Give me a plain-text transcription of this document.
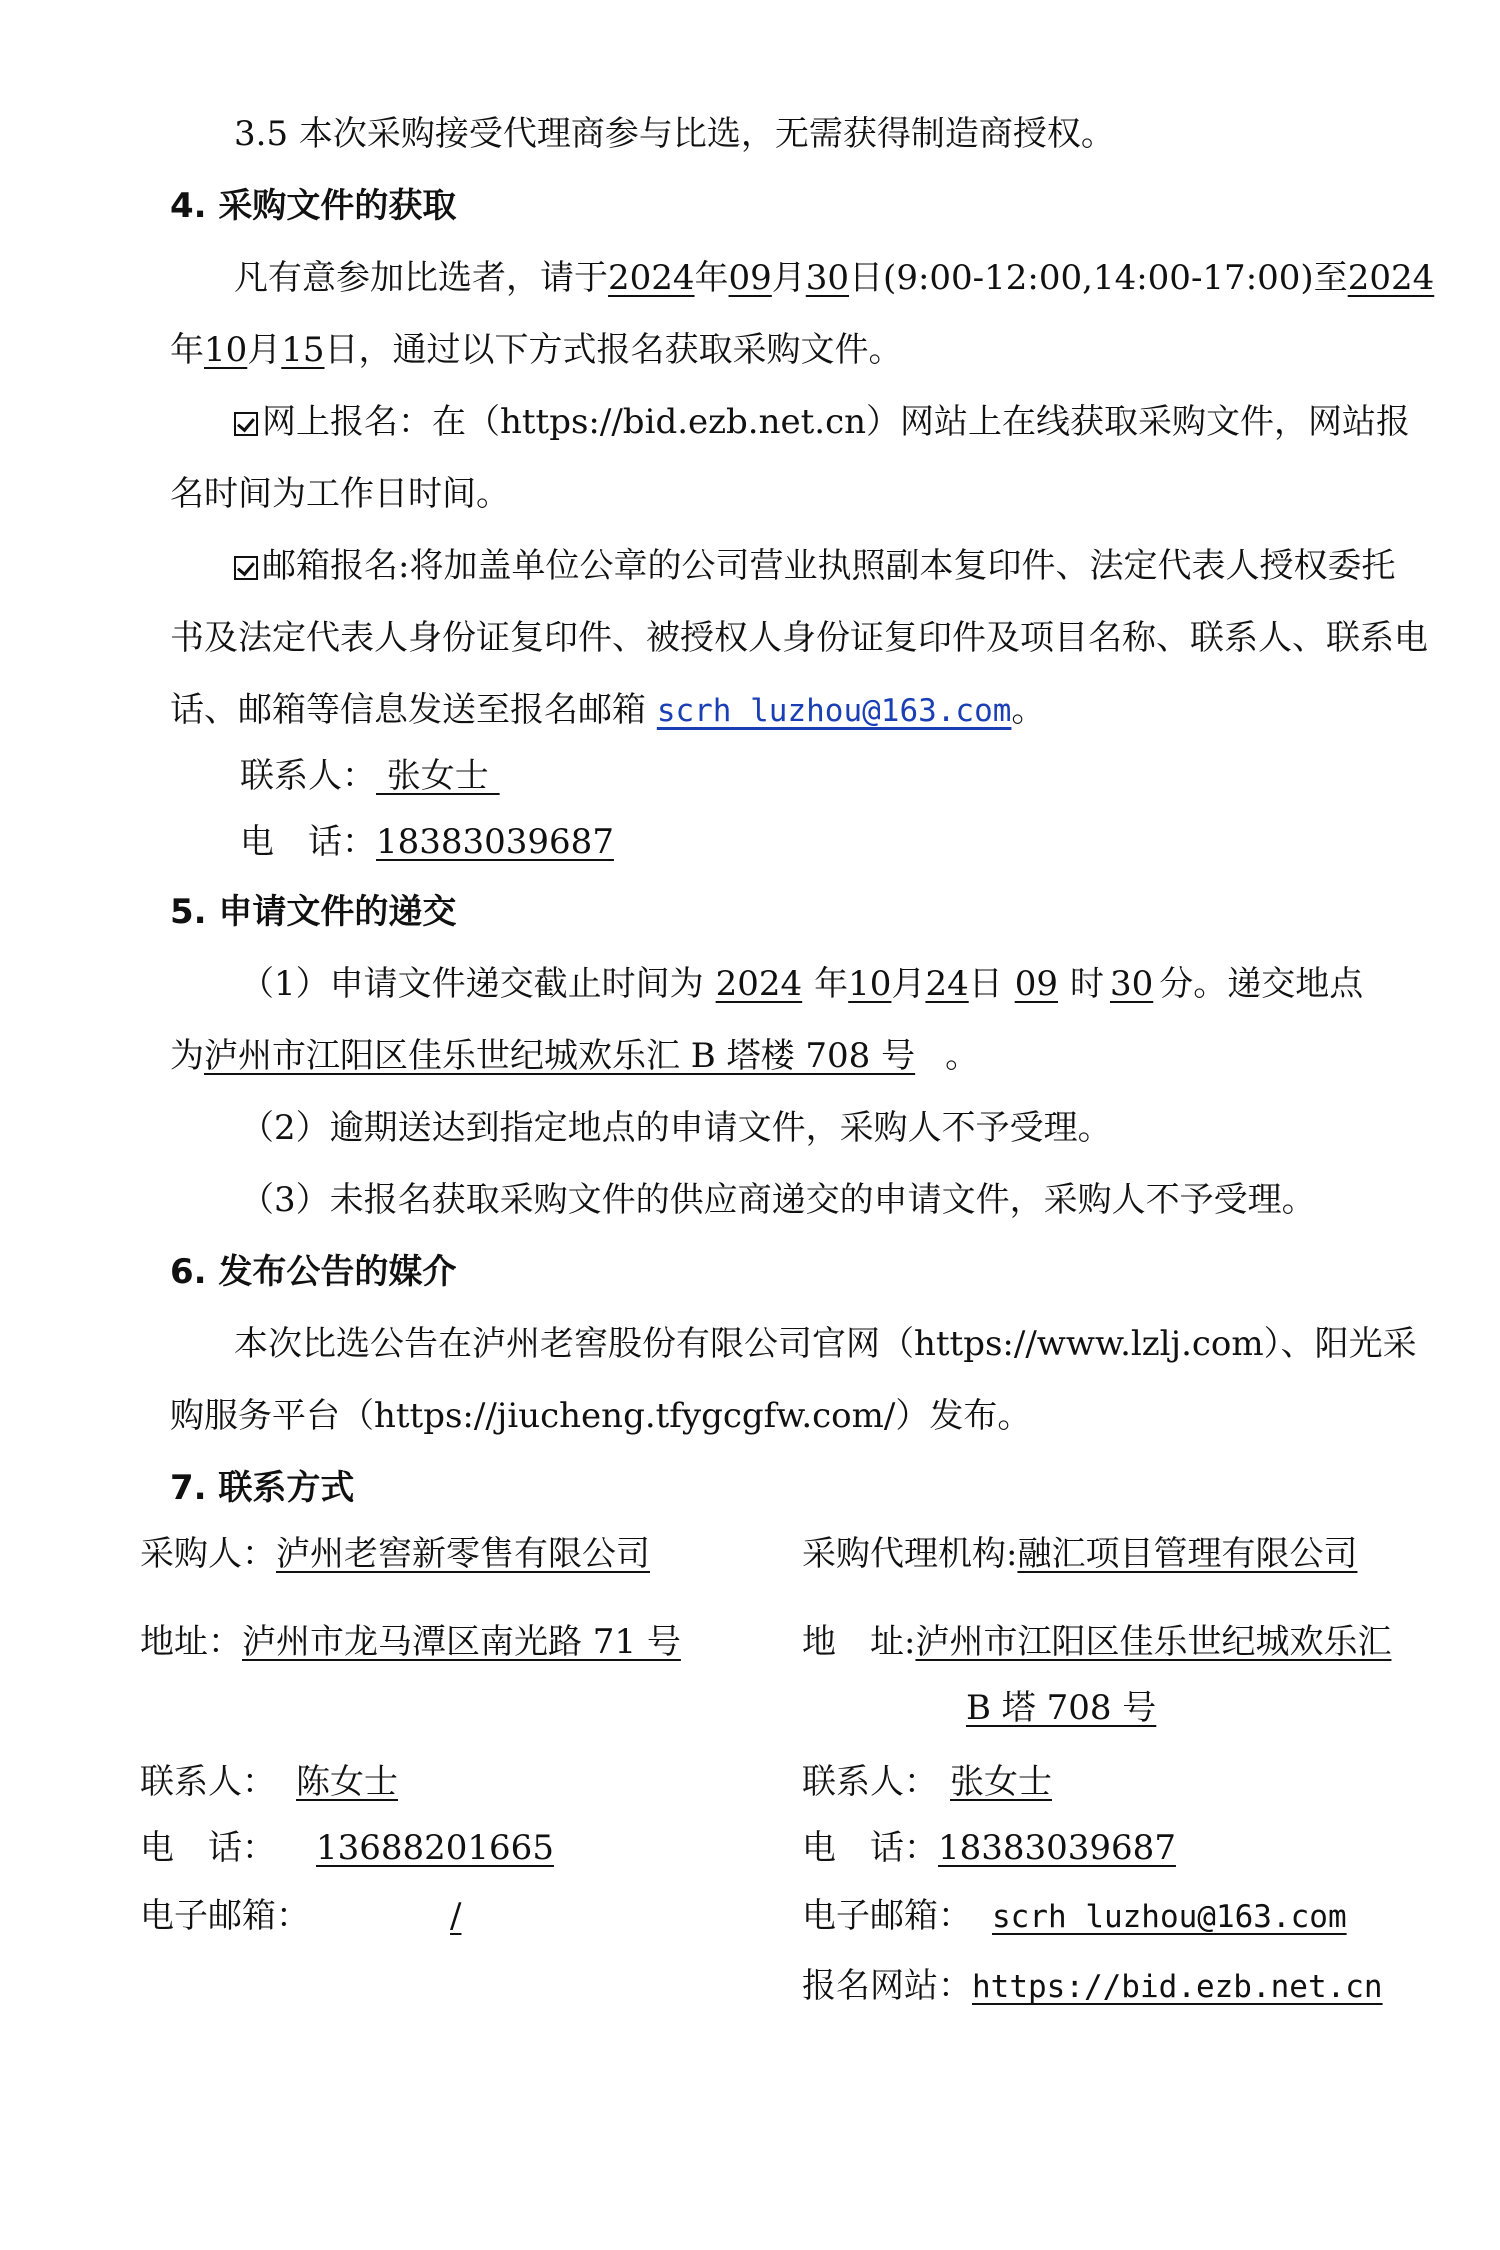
3.5 本次采购接受代理商参与比选，无需获得制造商授权。
4. 采购文件的获取
凡有意参加比选者，请于2024年09月30日(9:00-12:00,14:00-17:00)至2024
年10月15日，通过以下方式报名获取采购文件。
网上报名：在（https://bid.ezb.net.cn）网站上在线获取采购文件，网站报
名时间为工作日时间。
邮箱报名:将加盖单位公章的公司营业执照副本复印件、法定代表人授权委托
书及法定代表人身份证复印件、被授权人身份证复印件及项目名称、联系人、联系电
话、邮箱等信息发送至报名邮箱 scrh luzhou@163.com。
联系人： 张女士
电　话：18383039687
5. 申请文件的递交
（1）申请文件递交截止时间为 2024 年10月24日 09 时 30 分。递交地点
为泸州市江阳区佳乐世纪城欢乐汇 B 塔楼 708 号 。
（2）逾期送达到指定地点的申请文件，采购人不予受理。
（3）未报名获取采购文件的供应商递交的申请文件，采购人不予受理。
6. 发布公告的媒介
本次比选公告在泸州老窖股份有限公司官网（https://www.lzlj.com）、阳光采
购服务平台（https://jiucheng.tfygcgfw.com/）发布。
7. 联系方式
采购人：泸州老窖新零售有限公司
地址：泸州市龙马潭区南光路 71 号
联系人： 陈女士
电　话： 13688201665
电子邮箱：	/
采购代理机构:融汇项目管理有限公司
地　址:泸州市江阳区佳乐世纪城欢乐汇
B 塔 708 号
联系人： 张女士
电　话：18383039687
电子邮箱： scrh luzhou@163.com
报名网站：https://bid.ezb.net.cn
